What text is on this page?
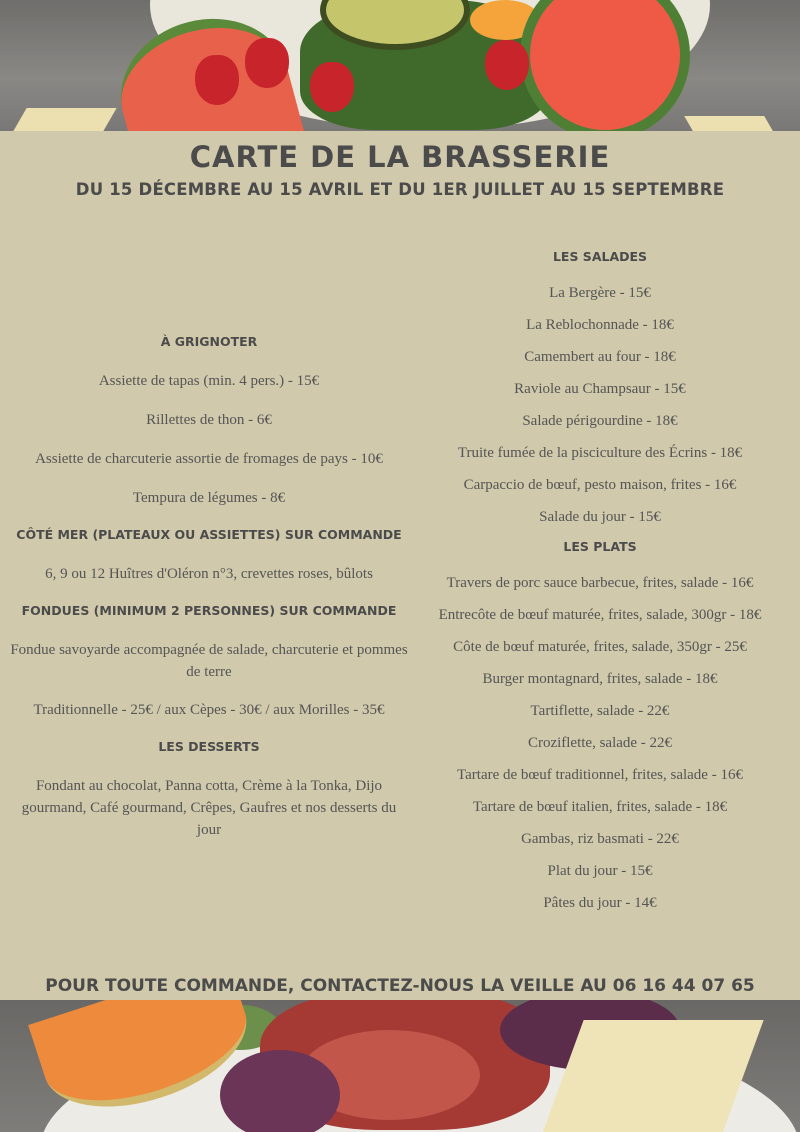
CARTE DE LA BRASSERIE
DU 15 DÉCEMBRE AU 15 AVRIL ET DU 1ER JUILLET AU 15 SEPTEMBRE
À GRIGNOTER
Assiette de tapas (min. 4 pers.) - 15€
Rillettes de thon - 6€
Assiette de charcuterie assortie de fromages de pays - 10€
Tempura de légumes - 8€
CÔTÉ MER (PLATEAUX OU ASSIETTES) SUR COMMANDE
6, 9 ou 12 Huîtres d'Oléron n°3, crevettes roses, bûlots
FONDUES (MINIMUM 2 PERSONNES) SUR COMMANDE
Fondue savoyarde accompagnée de salade, charcuterie et pommes de terre
Traditionnelle - 25€ / aux Cèpes - 30€ / aux Morilles - 35€
LES DESSERTS
Fondant au chocolat, Panna cotta, Crème à la Tonka, Dijo gourmand, Café gourmand, Crêpes, Gaufres et nos desserts du jour
LES SALADES
La Bergère - 15€
La Reblochonnade - 18€
Camembert au four - 18€
Raviole au Champsaur - 15€
Salade périgourdine - 18€
Truite fumée de la pisciculture des Écrins - 18€
Carpaccio de bœuf, pesto maison, frites - 16€
Salade du jour - 15€
LES PLATS
Travers de porc sauce barbecue, frites, salade - 16€
Entrecôte de bœuf maturée, frites, salade, 300gr - 18€
Côte de bœuf maturée, frites, salade, 350gr - 25€
Burger montagnard, frites, salade - 18€
Tartiflette, salade - 22€
Croziflette, salade - 22€
Tartare de bœuf traditionnel, frites, salade - 16€
Tartare de bœuf italien, frites, salade - 18€
Gambas, riz basmati - 22€
Plat du jour - 15€
Pâtes du jour - 14€
POUR TOUTE COMMANDE, CONTACTEZ-NOUS LA VEILLE AU 06 16 44 07 65
